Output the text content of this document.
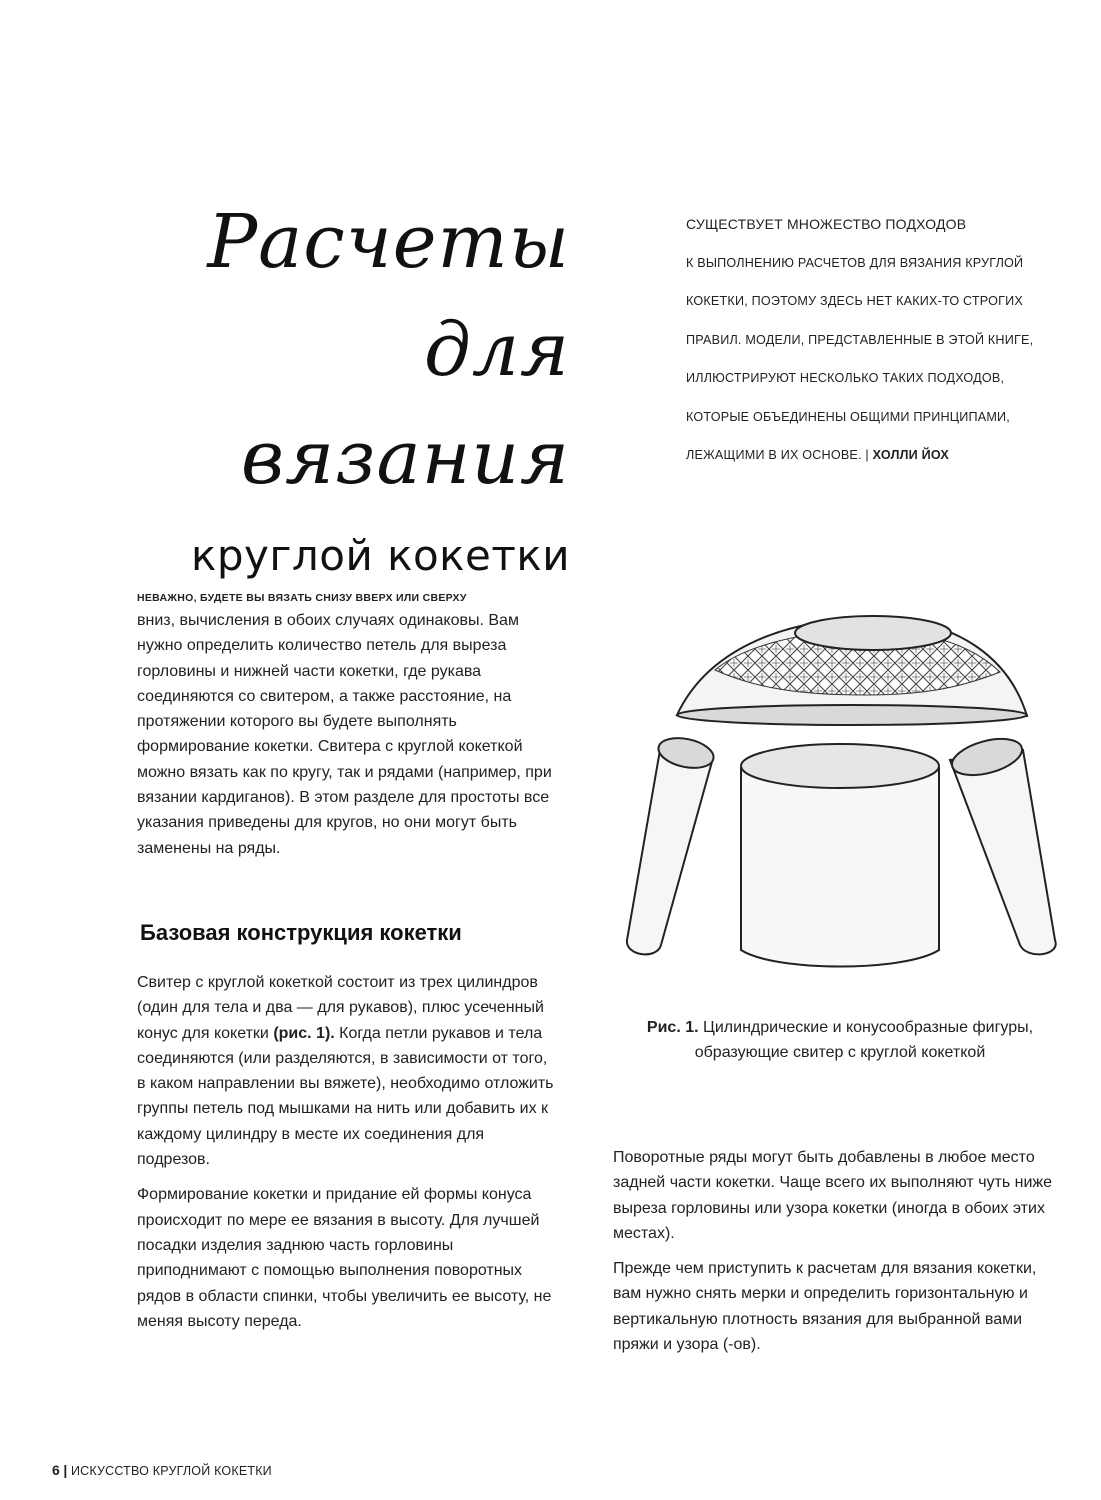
Расчеты
для вязания
круглой кокетки
СУЩЕСТВУЕТ МНОЖЕСТВО ПОДХОДОВ
К ВЫПОЛНЕНИЮ РАСЧЕТОВ ДЛЯ ВЯЗАНИЯ КРУГЛОЙ
КОКЕТКИ, ПОЭТОМУ ЗДЕСЬ НЕТ КАКИХ-ТО СТРОГИХ
ПРАВИЛ. МОДЕЛИ, ПРЕДСТАВЛЕННЫЕ В ЭТОЙ КНИГЕ,
ИЛЛЮСТРИРУЮТ НЕСКОЛЬКО ТАКИХ ПОДХОДОВ,
КОТОРЫЕ ОБЪЕДИНЕНЫ ОБЩИМИ ПРИНЦИПАМИ,
ЛЕЖАЩИМИ В ИХ ОСНОВЕ. | ХОЛЛИ ЙОХ
НЕВАЖНО, БУДЕТЕ ВЫ ВЯЗАТЬ СНИЗУ ВВЕРХ ИЛИ СВЕРХУ

вниз, вычисления в обоих случаях одинаковы. Вам нужно определить количество петель для выреза горловины и нижней части кокетки, где рукава соединяются со свитером, а также расстояние, на протяжении которого вы будете выполнять формирование кокетки. Свитера с круглой кокеткой можно вязать как по кругу, так и рядами (например, при вязании кардиганов). В этом разделе для простоты все указания приведены для кругов, но они могут быть заменены на ряды.

Базовая конструкция кокетки

Свитер с круглой кокеткой состоит из трех цилиндров (один для тела и два — для рукавов), плюс усеченный конус для кокетки (рис. 1). Когда петли рукавов и тела соединяются (или разделяются, в зависимости от того, в каком направлении вы вяжете), необходимо отложить группы петель под мышками на нить или добавить их к каждому цилиндру в месте их соединения для подрезов.

Формирование кокетки и придание ей формы конуса происходит по мере ее вязания в высоту. Для лучшей посадки изделия заднюю часть горловины приподнимают с помощью выполнения поворотных рядов в области спинки, чтобы увеличить ее высоту, не меняя высоту переда.

Рис. 1. Цилиндрические и конусообразные фигуры, образующие свитер с круглой кокеткой

Поворотные ряды могут быть добавлены в любое место задней части кокетки. Чаще всего их выполняют чуть ниже выреза горловины или узора кокетки (иногда в обоих этих местах).

Прежде чем приступить к расчетам для вязания кокетки, вам нужно снять мерки и определить горизонтальную и вертикальную плотность вязания для выбранной вами пряжи и узора (-ов).

6 | ИСКУССТВО КРУГЛОЙ КОКЕТКИ
